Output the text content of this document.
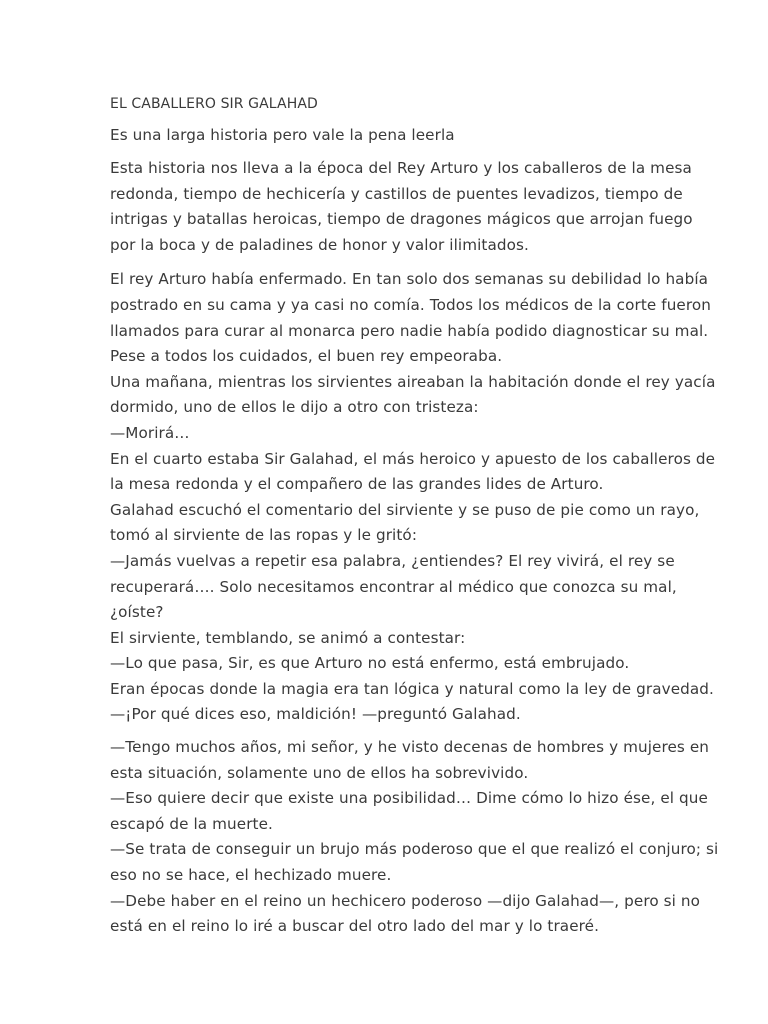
EL CABALLERO SIR GALAHAD
Es una larga historia pero vale la pena leerla
Esta historia nos lleva a la época del Rey Arturo y los caballeros de la mesa
redonda, tiempo de hechicería y castillos de puentes levadizos, tiempo de
intrigas y batallas heroicas, tiempo de dragones mágicos que arrojan fuego
por la boca y de paladines de honor y valor ilimitados.
El rey Arturo había enfermado. En tan solo dos semanas su debilidad lo había
postrado en su cama y ya casi no comía. Todos los médicos de la corte fueron
llamados para curar al monarca pero nadie había podido diagnosticar su mal.
Pese a todos los cuidados, el buen rey empeoraba.
Una mañana, mientras los sirvientes aireaban la habitación donde el rey yacía
dormido, uno de ellos le dijo a otro con tristeza:
—Morirá…
En el cuarto estaba Sir Galahad, el más heroico y apuesto de los caballeros de
la mesa redonda y el compañero de las grandes lides de Arturo.
Galahad escuchó el comentario del sirviente y se puso de pie como un rayo,
tomó al sirviente de las ropas y le gritó:
—Jamás vuelvas a repetir esa palabra, ¿entiendes? El rey vivirá, el rey se
recuperará…. Solo necesitamos encontrar al médico que conozca su mal,
¿oíste?
El sirviente, temblando, se animó a contestar:
—Lo que pasa, Sir, es que Arturo no está enfermo, está embrujado.
Eran épocas donde la magia era tan lógica y natural como la ley de gravedad.
—¡Por qué dices eso, maldición! —preguntó Galahad.
—Tengo muchos años, mi señor, y he visto decenas de hombres y mujeres en
esta situación, solamente uno de ellos ha sobrevivido.
—Eso quiere decir que existe una posibilidad… Dime cómo lo hizo ése, el que
escapó de la muerte.
—Se trata de conseguir un brujo más poderoso que el que realizó el conjuro; si
eso no se hace, el hechizado muere.
—Debe haber en el reino un hechicero poderoso —dijo Galahad—, pero si no
está en el reino lo iré a buscar del otro lado del mar y lo traeré.
